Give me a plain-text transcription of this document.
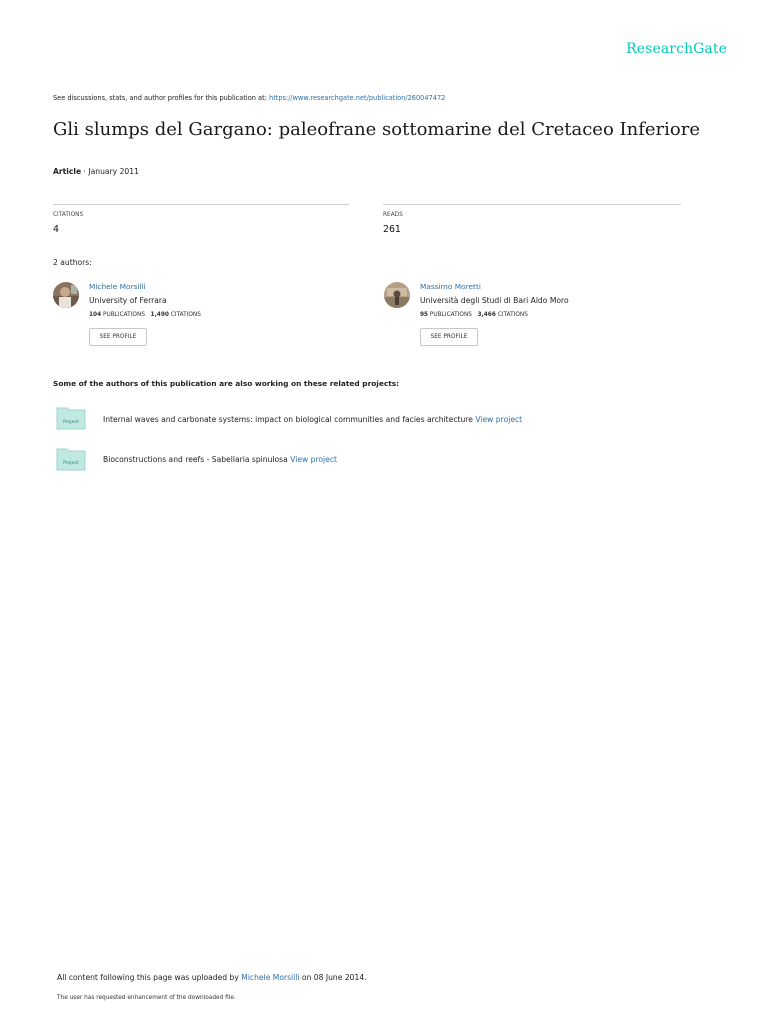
ResearchGate
See discussions, stats, and author profiles for this publication at: https://www.researchgate.net/publication/260047472
Gli slumps del Gargano: paleofrane sottomarine del Cretaceo Inferiore
Article · January 2011
CITATIONS
4
READS
261
2 authors:
Michele Morsilli
University of Ferrara
104 PUBLICATIONS 1,490 CITATIONS
SEE PROFILE
Massimo Moretti
Università degli Studi di Bari Aldo Moro
95 PUBLICATIONS 3,466 CITATIONS
SEE PROFILE
Some of the authors of this publication are also working on these related projects:
Project	Internal waves and carbonate systems: impact on biological communities and facies architecture View project
Project	Bioconstructions and reefs - Sabellaria spinulosa View project
All content following this page was uploaded by Michele Morsilli on 08 June 2014.
The user has requested enhancement of the downloaded file.
